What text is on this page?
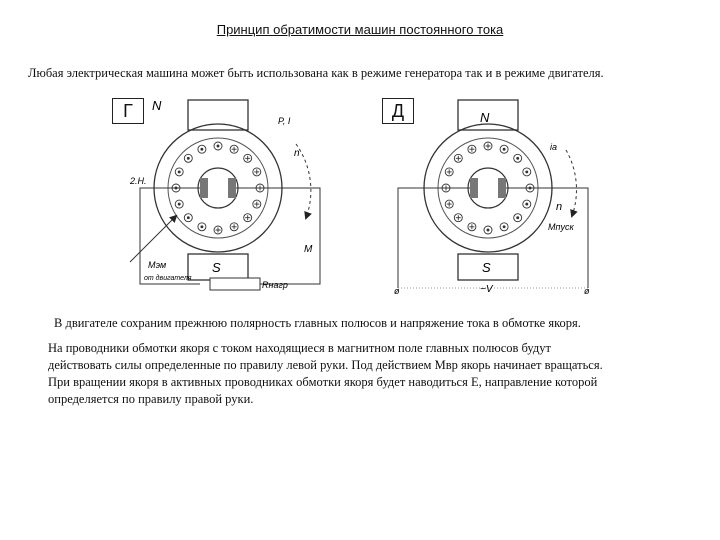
Принцип обратимости машин постоянного тока
Любая электрическая машина может быть использована как в режиме генератора так и в режиме двигателя.
N
S
P, I
n
2.H.
Rнагр
M
Мэм
от двигателя
N
S
iа
n
Мпуск
−V
ø	ø
Г	Д
В двигателе сохраним прежнюю полярность главных полюсов и напряжение тока в обмотке якоря.
На проводники обмотки якоря с током находящиеся в магнитном поле главных полюсов будут
действовать силы определенные по правилу левой руки. Под действием Мвр якорь начинает вращаться.
При вращении якоря в активных проводниках обмотки якоря будет наводиться E, направление которой
определяется по правилу правой руки.
